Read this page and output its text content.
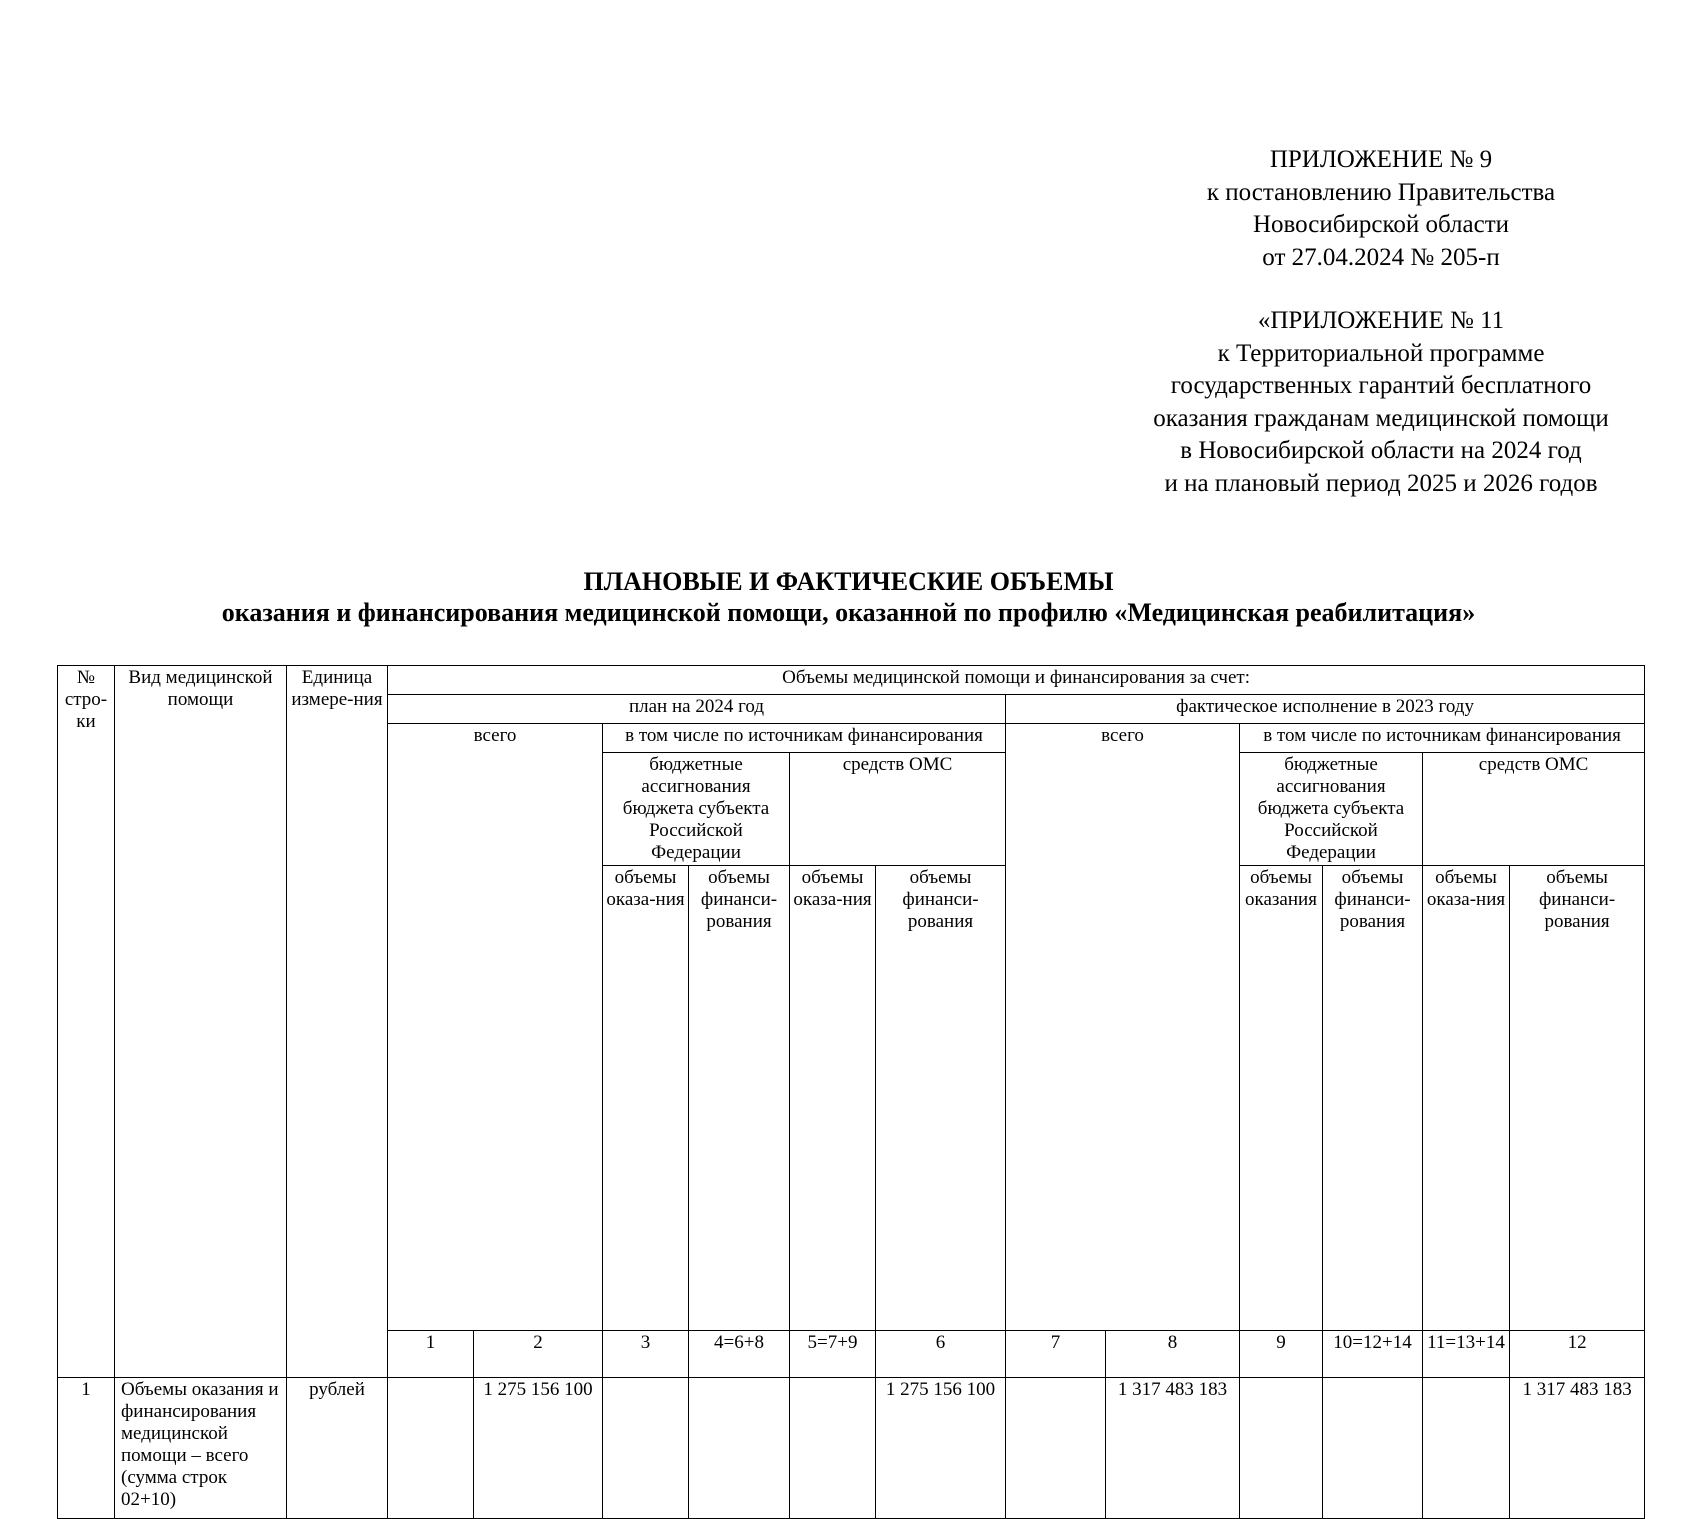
ПРИЛОЖЕНИЕ № 9
к постановлению Правительства
Новосибирской области
от 27.04.2024 № 205-п
«ПРИЛОЖЕНИЕ № 11
к Территориальной программе
государственных гарантий бесплатного
оказания гражданам медицинской помощи
в Новосибирской области на 2024 год
и на плановый период 2025 и 2026 годов
ПЛАНОВЫЕ И ФАКТИЧЕСКИЕ ОБЪЕМЫ
оказания и финансирования медицинской помощи, оказанной по профилю «Медицинская реабилитация»
№ стро-ки	Вид медицинской помощи	Единица измере-ния	Объемы медицинской помощи и финансирования за счет:												
			план на 2024 год						фактическое исполнение в 2023 году						
			всего		в том числе по источникам финансирования				всего		в том числе по источникам финансирования				
					бюджетные ассигнования бюджета субъекта Российской Федерации		средств ОМС				бюджетные ассигнования бюджета субъекта Российской Федерации		средств ОМС		
					объемы оказа-ния	объемы финанси-рования	объемы оказа-ния	объемы финанси-рования			объемы оказания	объемы финанси-рования	объемы оказа-ния	объемы финанси-рования		
			1	2	3	4=6+8	5=7+9	6	7	8	9	10=12+14	11=13+14	12			
1	Объемы оказания и финансирования медицинской помощи – всего (сумма строк 02+10)	рублей		1 275 156 100				1 275 156 100		1 317 483 183				1 317 483 183	
